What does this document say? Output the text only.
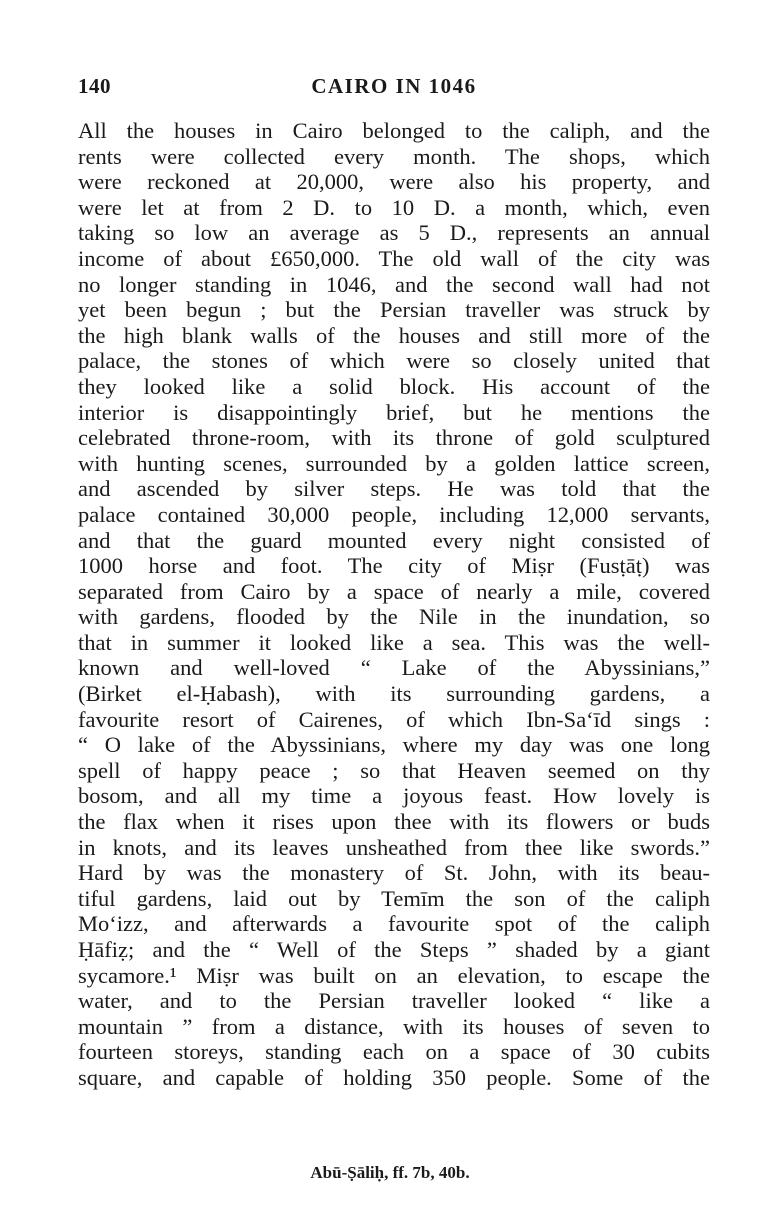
140	CAIRO IN 1046
All the houses in Cairo belonged to the caliph, and the
rents were collected every month. The shops, which
were reckoned at 20,000, were also his property, and
were let at from 2 D. to 10 D. a month, which, even
taking so low an average as 5 D., represents an annual
income of about £650,000. The old wall of the city was
no longer standing in 1046, and the second wall had not
yet been begun ; but the Persian traveller was struck by
the high blank walls of the houses and still more of the
palace, the stones of which were so closely united that
they looked like a solid block. His account of the
interior is disappointingly brief, but he mentions the
celebrated throne-room, with its throne of gold sculptured
with hunting scenes, surrounded by a golden lattice screen,
and ascended by silver steps. He was told that the
palace contained 30,000 people, including 12,000 servants,
and that the guard mounted every night consisted of
1000 horse and foot. The city of Miṣr (Fusṭāṭ) was
separated from Cairo by a space of nearly a mile, covered
with gardens, flooded by the Nile in the inundation, so
that in summer it looked like a sea. This was the well-
known and well-loved “ Lake of the Abyssinians,”
(Birket el-Ḥabash), with its surrounding gardens, a
favourite resort of Cairenes, of which Ibn-Sa‘īd sings :
“ O lake of the Abyssinians, where my day was one long
spell of happy peace ; so that Heaven seemed on thy
bosom, and all my time a joyous feast. How lovely is
the flax when it rises upon thee with its flowers or buds
in knots, and its leaves unsheathed from thee like swords.”
Hard by was the monastery of St. John, with its beau-
tiful gardens, laid out by Temīm the son of the caliph
Mo‘izz, and afterwards a favourite spot of the caliph
Ḥāfiẓ; and the “ Well of the Steps ” shaded by a giant
sycamore.¹ Miṣr was built on an elevation, to escape the
water, and to the Persian traveller looked “ like a
mountain ” from a distance, with its houses of seven to
fourteen storeys, standing each on a space of 30 cubits
square, and capable of holding 350 people. Some of the
Abū-Ṣāliḥ, ff. 7b, 40b.
